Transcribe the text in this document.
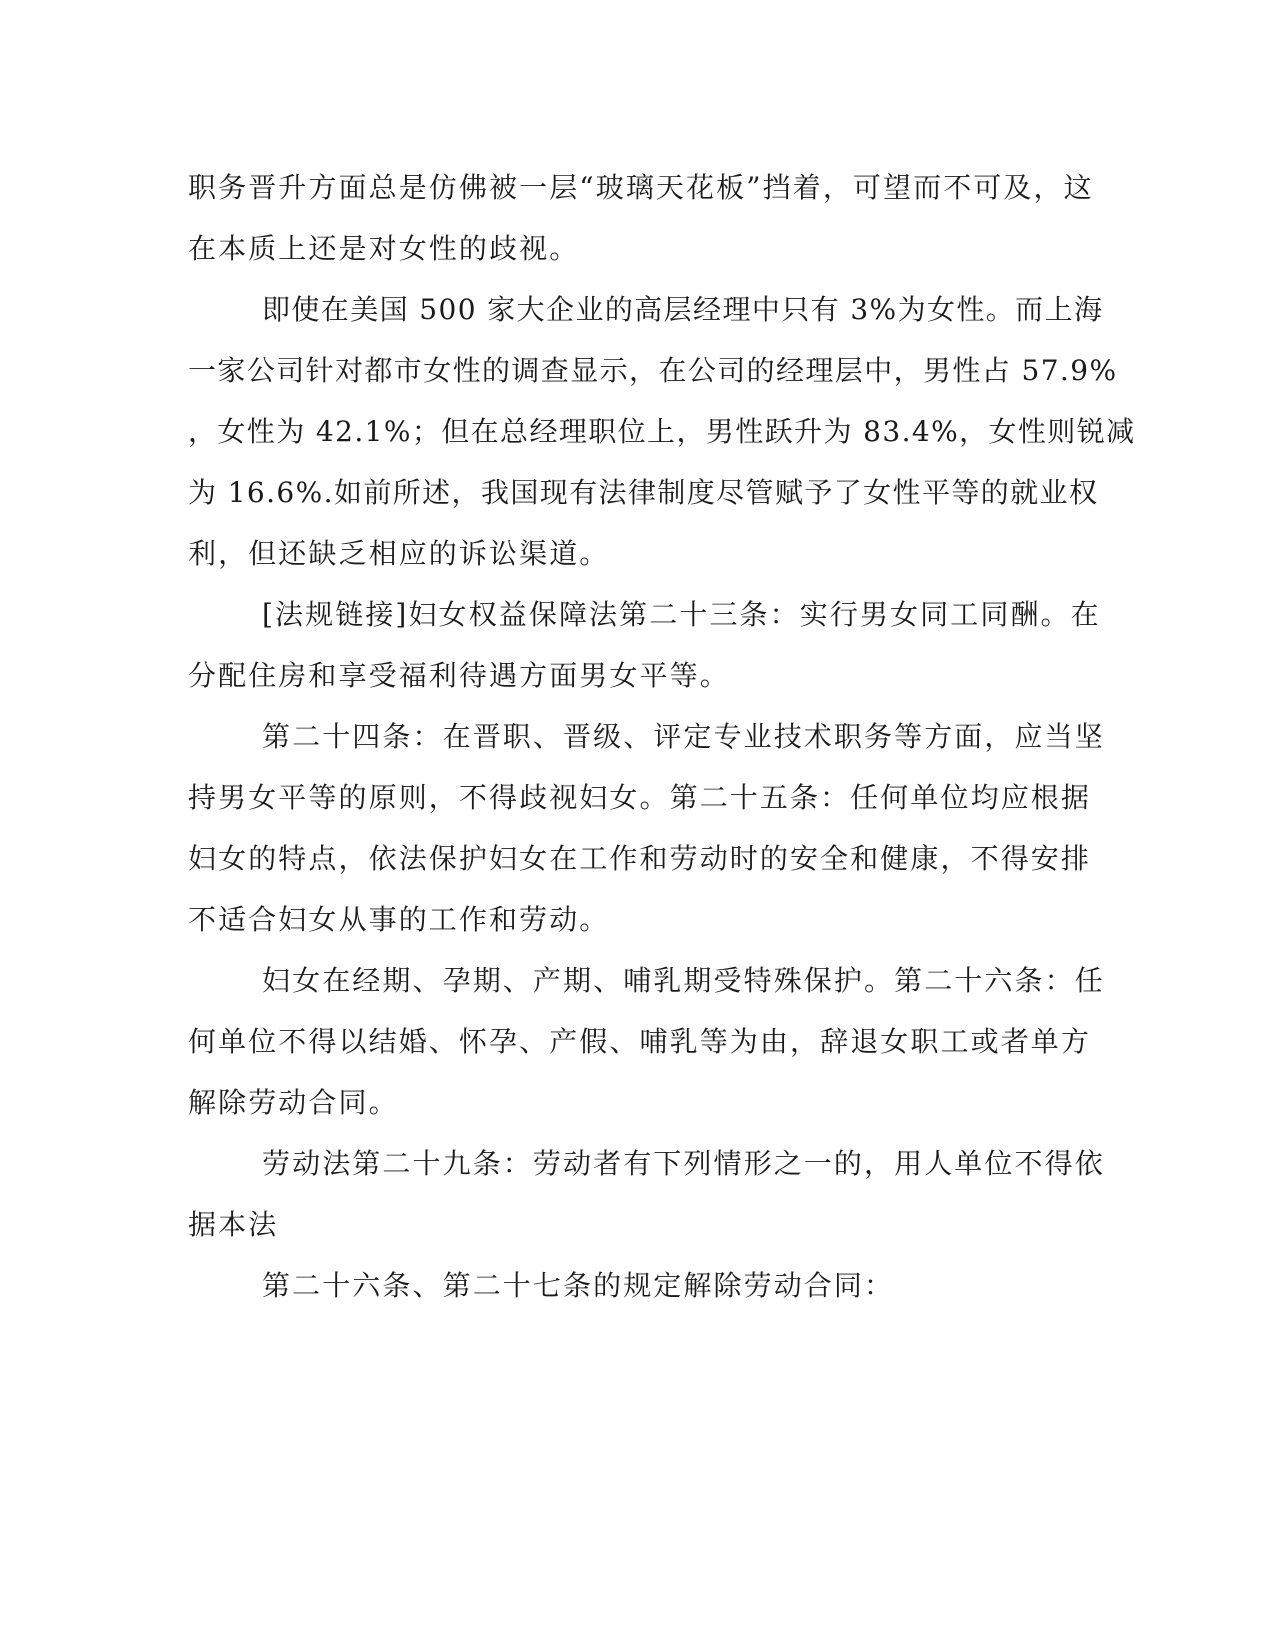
职务晋升方面总是仿佛被一层“玻璃天花板”挡着，可望而不可及，这
在本质上还是对女性的歧视。
即使在美国 500 家大企业的高层经理中只有 3%为女性。而上海
一家公司针对都市女性的调查显示，在公司的经理层中，男性占 57.9%
，女性为 42.1%；但在总经理职位上，男性跃升为 83.4%，女性则锐减
为 16.6%.如前所述，我国现有法律制度尽管赋予了女性平等的就业权
利，但还缺乏相应的诉讼渠道。
[法规链接]妇女权益保障法第二十三条：实行男女同工同酬。在
分配住房和享受福利待遇方面男女平等。
第二十四条：在晋职、晋级、评定专业技术职务等方面，应当坚
持男女平等的原则，不得歧视妇女。第二十五条：任何单位均应根据
妇女的特点，依法保护妇女在工作和劳动时的安全和健康，不得安排
不适合妇女从事的工作和劳动。
妇女在经期、孕期、产期、哺乳期受特殊保护。第二十六条：任
何单位不得以结婚、怀孕、产假、哺乳等为由，辞退女职工或者单方
解除劳动合同。
劳动法第二十九条：劳动者有下列情形之一的，用人单位不得依
据本法
第二十六条、第二十七条的规定解除劳动合同：
